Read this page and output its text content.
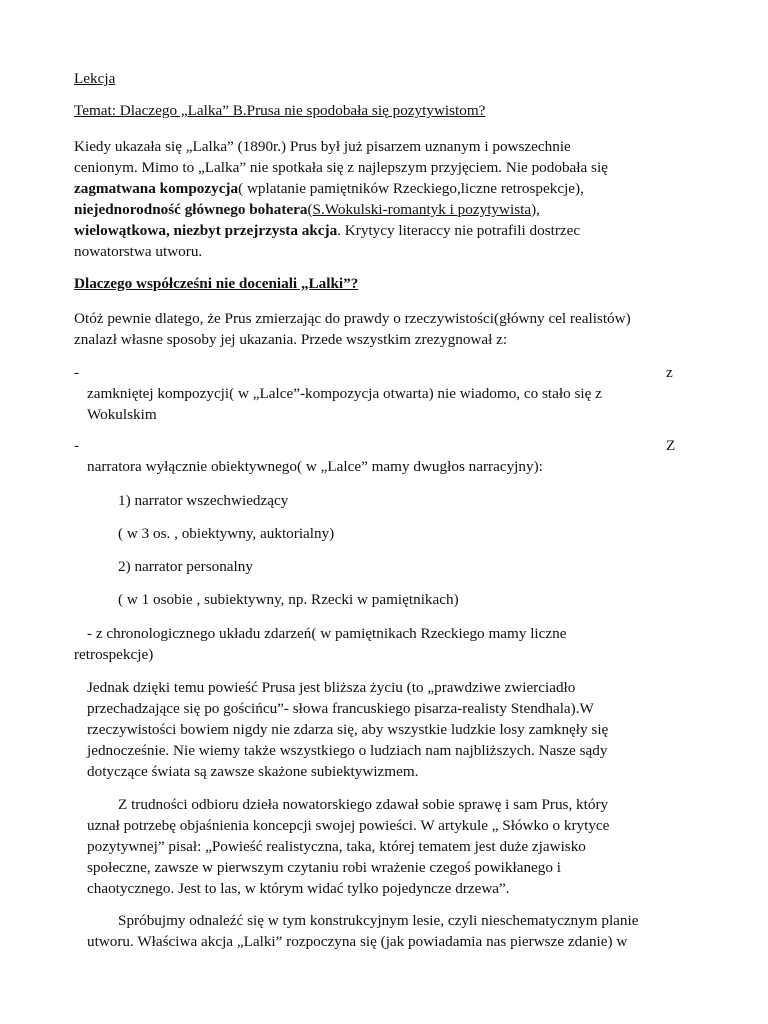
Lekcja
Temat: Dlaczego „Lalka” B.Prusa nie spodobała się pozytywistom?
Kiedy ukazała się „Lalka” (1890r.) Prus był już pisarzem uznanym i powszechnie
cenionym. Mimo to „Lalka” nie spotkała się z najlepszym przyjęciem. Nie podobała się
zagmatwana kompozycja( wplatanie pamiętników Rzeckiego,liczne retrospekcje),
niejednorodność głównego bohatera(S.Wokulski-romantyk i pozytywista),
wielowątkowa, niezbyt przejrzysta akcja. Krytycy literaccy nie potrafili dostrzec
nowatorstwa utworu.
Dlaczego współcześni nie doceniali „Lalki”?
Otóż pewnie dlatego, że Prus zmierzając do prawdy o rzeczywistości(główny cel realistów)
znalazł własne sposoby jej ukazania. Przede wszystkim zrezygnował z:
-	z
zamkniętej kompozycji( w „Lalce”-kompozycja otwarta) nie wiadomo, co stało się z
Wokulskim
-	Z
narratora wyłącznie obiektywnego( w „Lalce” mamy dwugłos narracyjny):
1) narrator wszechwiedzący
( w 3 os. , obiektywny, auktorialny)
2) narrator personalny
( w 1 osobie , subiektywny, np. Rzecki w pamiętnikach)
- z chronologicznego układu zdarzeń( w pamiętnikach Rzeckiego mamy liczne
retrospekcje)
Jednak dzięki temu powieść Prusa jest bliższa życiu (to „prawdziwe zwierciadło
przechadzające się po gościńcu”- słowa francuskiego pisarza-realisty Stendhala).W
rzeczywistości bowiem nigdy nie zdarza się, aby wszystkie ludzkie losy zamknęły się
jednocześnie. Nie wiemy także wszystkiego o ludziach nam najbliższych. Nasze sądy
dotyczące świata są zawsze skażone subiektywizmem.
Z trudności odbioru dzieła nowatorskiego zdawał sobie sprawę i sam Prus, który
uznał potrzebę objaśnienia koncepcji swojej powieści. W artykule „ Słówko o krytyce
pozytywnej” pisał: „Powieść realistyczna, taka, której tematem jest duże zjawisko
społeczne, zawsze w pierwszym czytaniu robi wrażenie czegoś powikłanego i
chaotycznego. Jest to las, w którym widać tylko pojedyncze drzewa”.
Spróbujmy odnaleźć się w tym konstrukcyjnym lesie, czyli nieschematycznym planie
utworu. Właściwa akcja „Lalki” rozpoczyna się (jak powiadamia nas pierwsze zdanie) w
